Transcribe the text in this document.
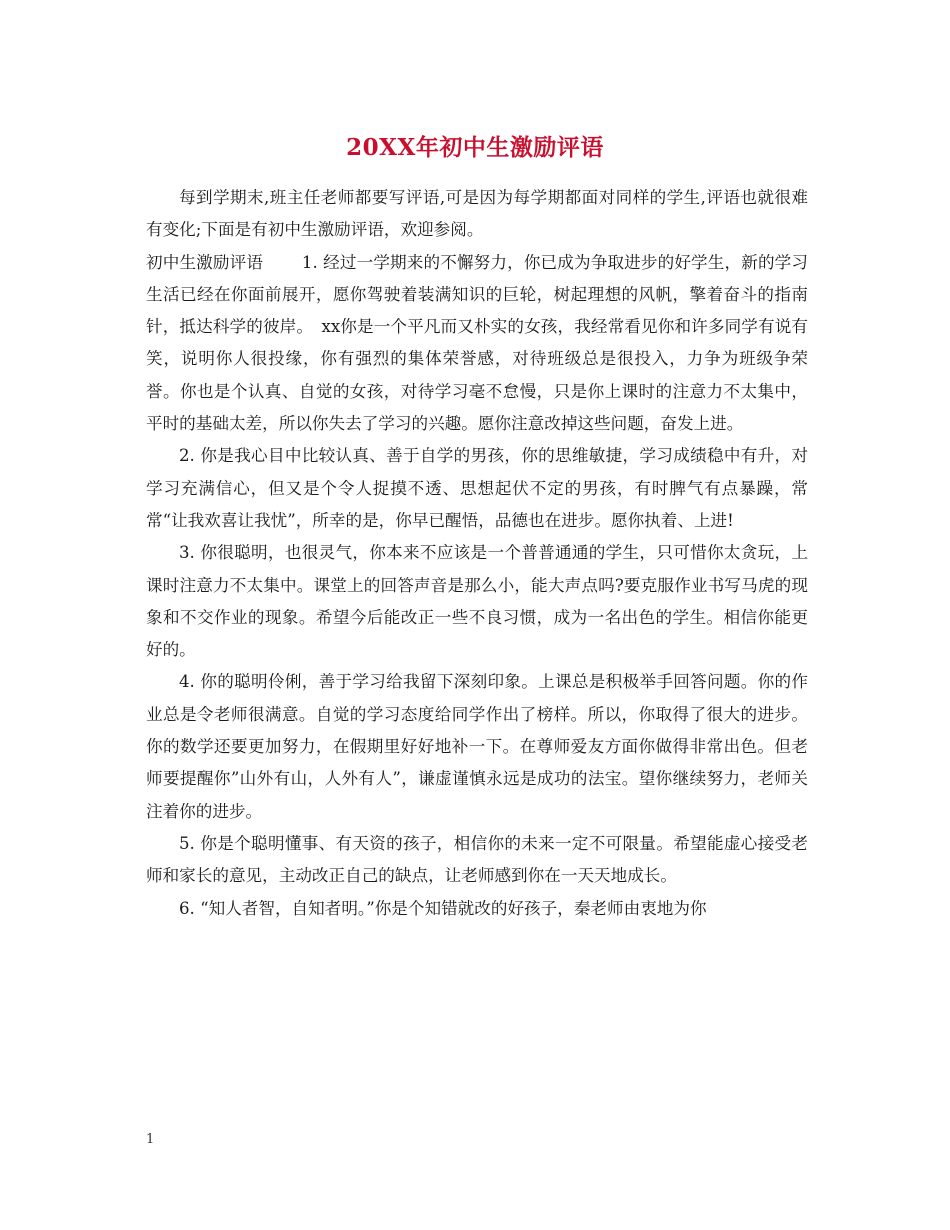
20XX年初中生激励评语

每到学期末,班主任老师都要写评语,可是因为每学期都面对同样的学生,评语也就很难有变化;下面是有初中生激励评语，欢迎参阅。

初中生激励评语　　 1. 经过一学期来的不懈努力，你已成为争取进步的好学生，新的学习生活已经在你面前展开，愿你驾驶着装满知识的巨轮，树起理想的风帆，擎着奋斗的指南针，抵达科学的彼岸。　xx你是一个平凡而又朴实的女孩，我经常看见你和许多同学有说有笑，说明你人很投缘，你有强烈的集体荣誉感，对待班级总是很投入，力争为班级争荣誉。你也是个认真、自觉的女孩，对待学习毫不怠慢，只是你上课时的注意力不太集中，平时的基础太差，所以你失去了学习的兴趣。愿你注意改掉这些问题，奋发上进。

2. 你是我心目中比较认真、善于自学的男孩，你的思维敏捷，学习成绩稳中有升，对学习充满信心，但又是个令人捉摸不透、思想起伏不定的男孩，有时脾气有点暴躁，常常“让我欢喜让我忧”，所幸的是，你早已醒悟，品德也在进步。愿你执着、上进!

3. 你很聪明，也很灵气，你本来不应该是一个普普通通的学生，只可惜你太贪玩，上课时注意力不太集中。课堂上的回答声音是那么小，能大声点吗?要克服作业书写马虎的现象和不交作业的现象。希望今后能改正一些不良习惯，成为一名出色的学生。相信你能更好的。

4. 你的聪明伶俐，善于学习给我留下深刻印象。上课总是积极举手回答问题。你的作业总是令老师很满意。自觉的学习态度给同学作出了榜样。所以，你取得了很大的进步。你的数学还要更加努力，在假期里好好地补一下。在尊师爱友方面你做得非常出色。但老师要提醒你”山外有山，人外有人”，谦虚谨慎永远是成功的法宝。望你继续努力，老师关注着你的进步。

5. 你是个聪明懂事、有天资的孩子，相信你的未来一定不可限量。希望能虚心接受老师和家长的意见，主动改正自己的缺点，让老师感到你在一天天地成长。

6. “知人者智，自知者明。”你是个知错就改的好孩子，秦老师由衷地为你

1
